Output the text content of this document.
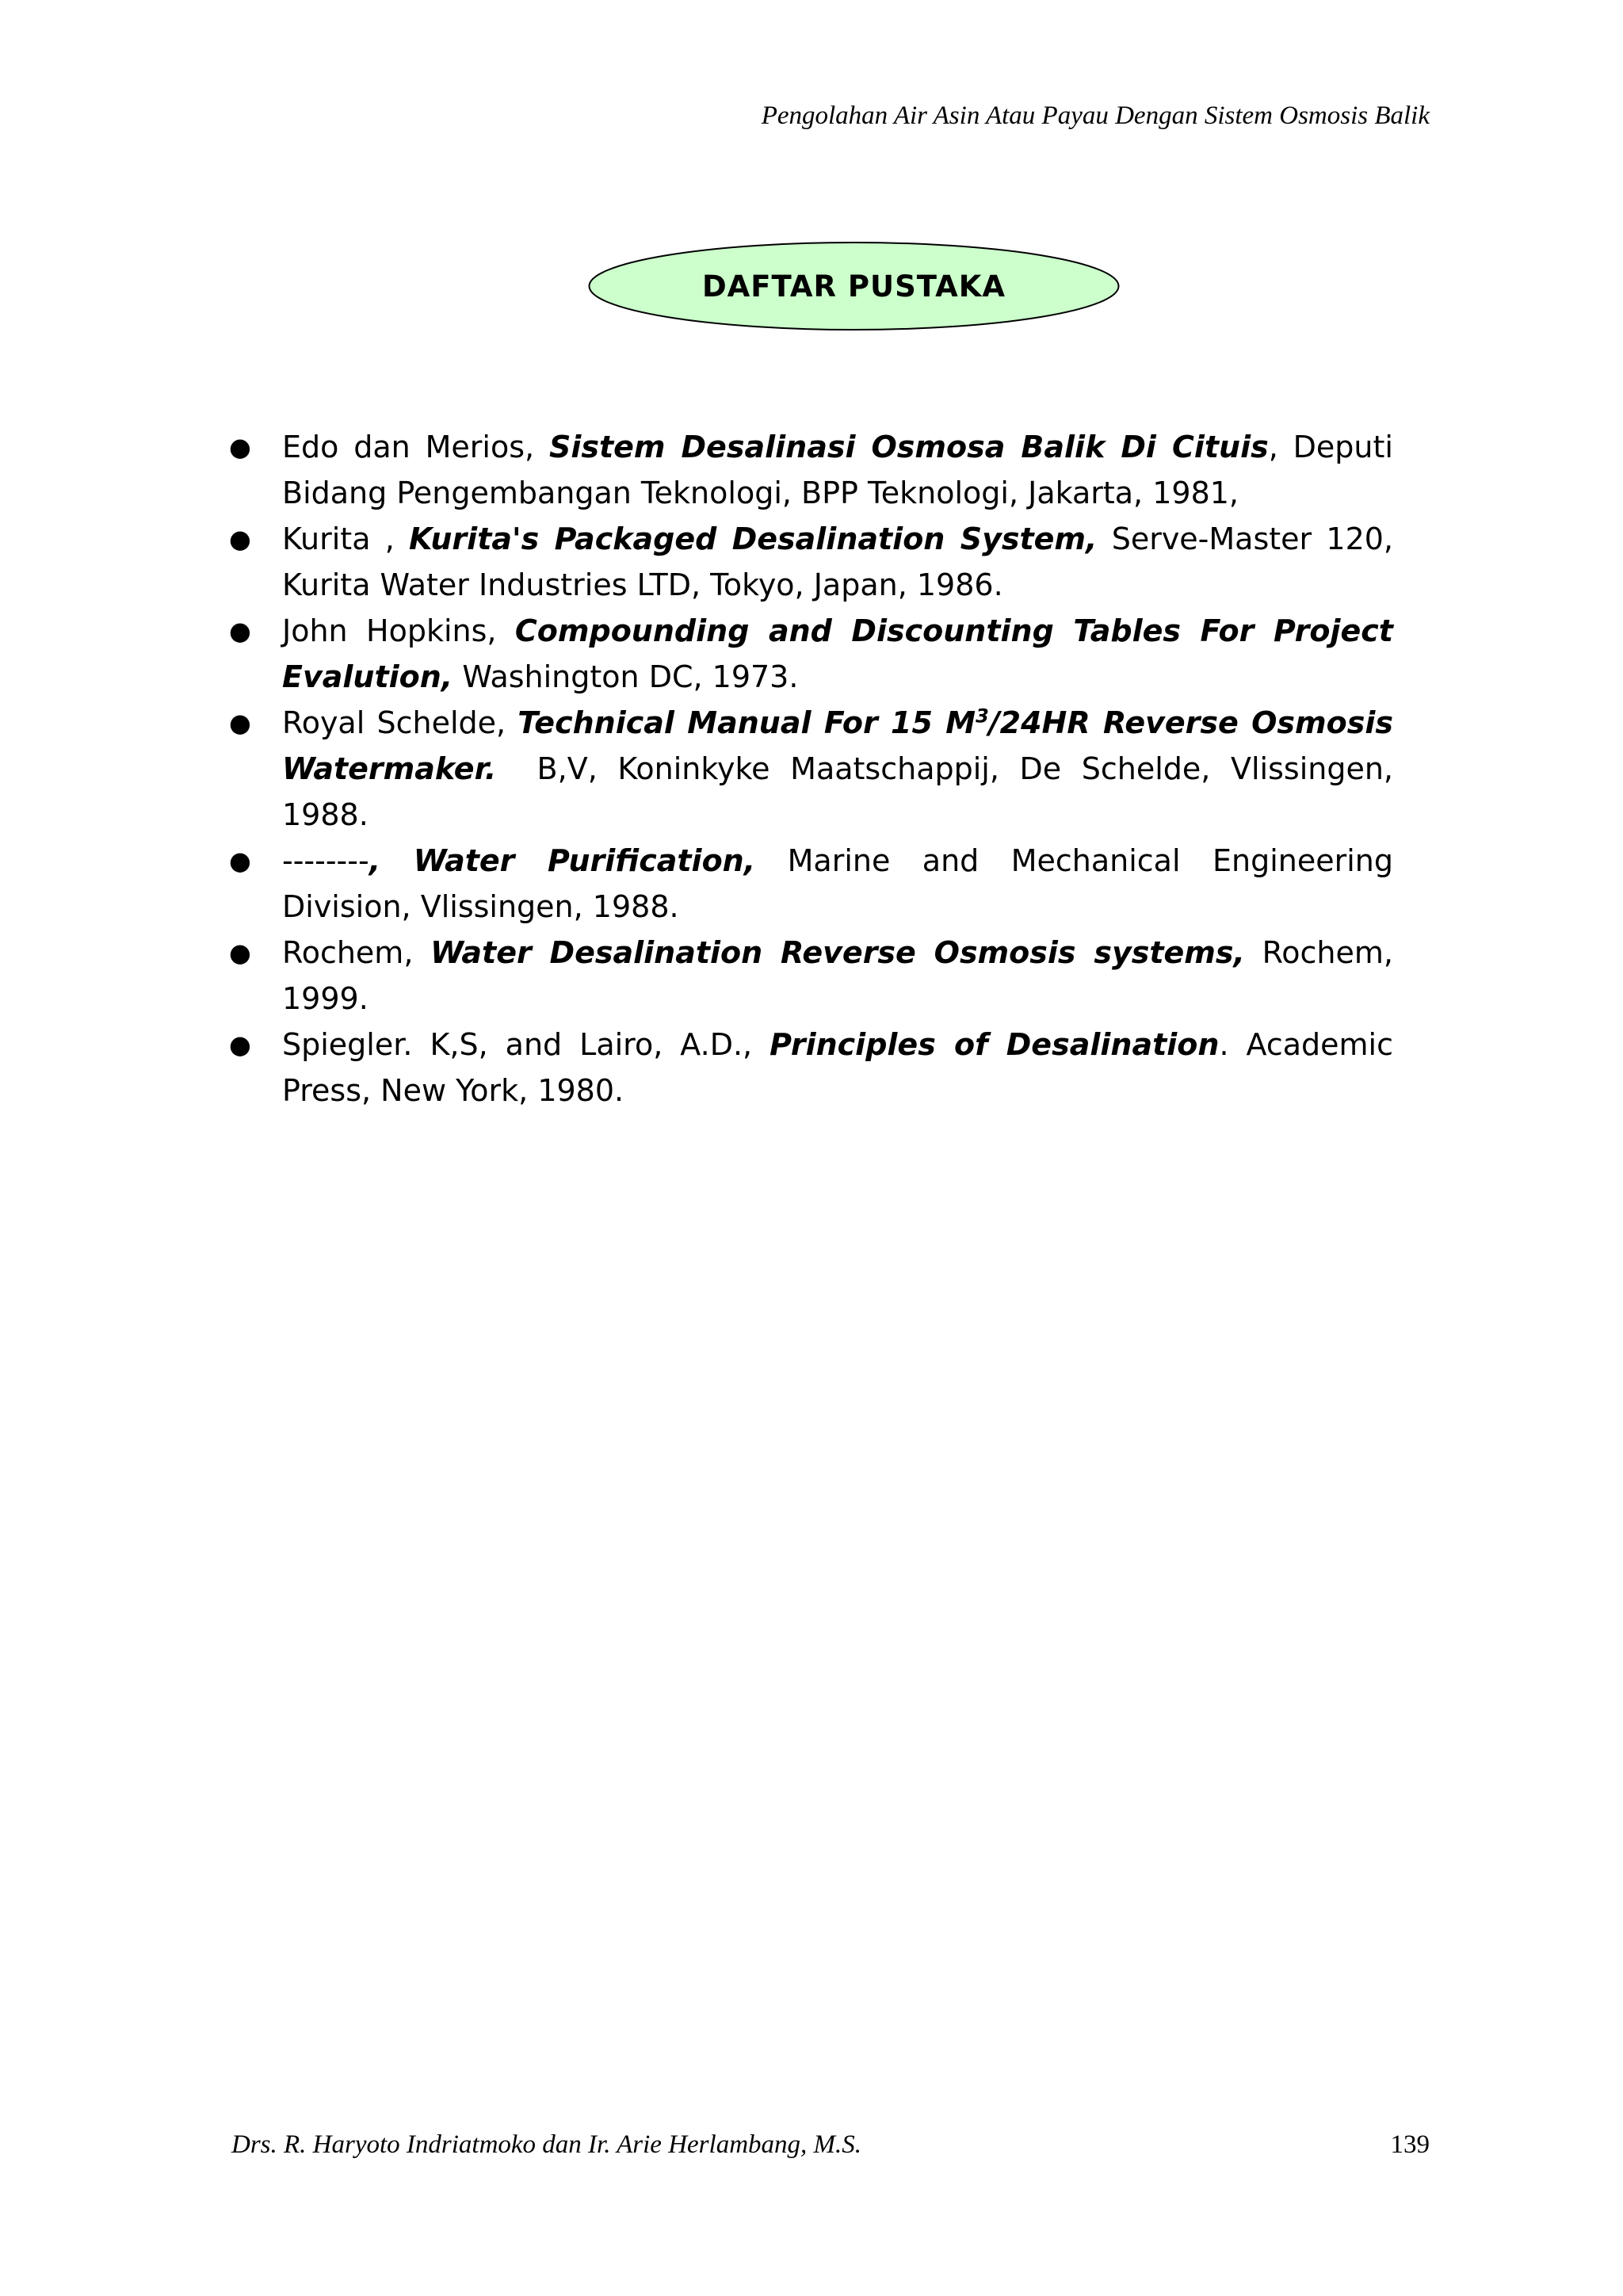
Pengolahan Air Asin Atau Payau Dengan Sistem Osmosis Balik
DAFTAR PUSTAKA
● Edo dan Merios, Sistem Desalinasi Osmosa Balik Di Cituis, Deputi Bidang Pengembangan Teknologi, BPP Teknologi, Jakarta, 1981,
● Kurita , Kurita's Packaged Desalination System, Serve-Master 120, Kurita Water Industries LTD, Tokyo, Japan, 1986.
● John Hopkins, Compounding and Discounting Tables For Project Evalution, Washington DC, 1973.
● Royal Schelde, Technical Manual For 15 $M^3/24HR$ Reverse Osmosis Watermaker.  B,V, Koninkyke Maatschappij, De Schelde, Vlissingen, 1988.
● --------, Water Purification, Marine and Mechanical Engineering Division, Vlissingen, 1988.
● Rochem, Water Desalination Reverse Osmosis systems, Rochem, 1999.
● Spiegler. K,S, and Lairo, A.D., Principles of Desalination. Academic Press, New York, 1980.
Drs. R. Haryoto Indriatmoko dan Ir. Arie Herlambang, M.S.	139
